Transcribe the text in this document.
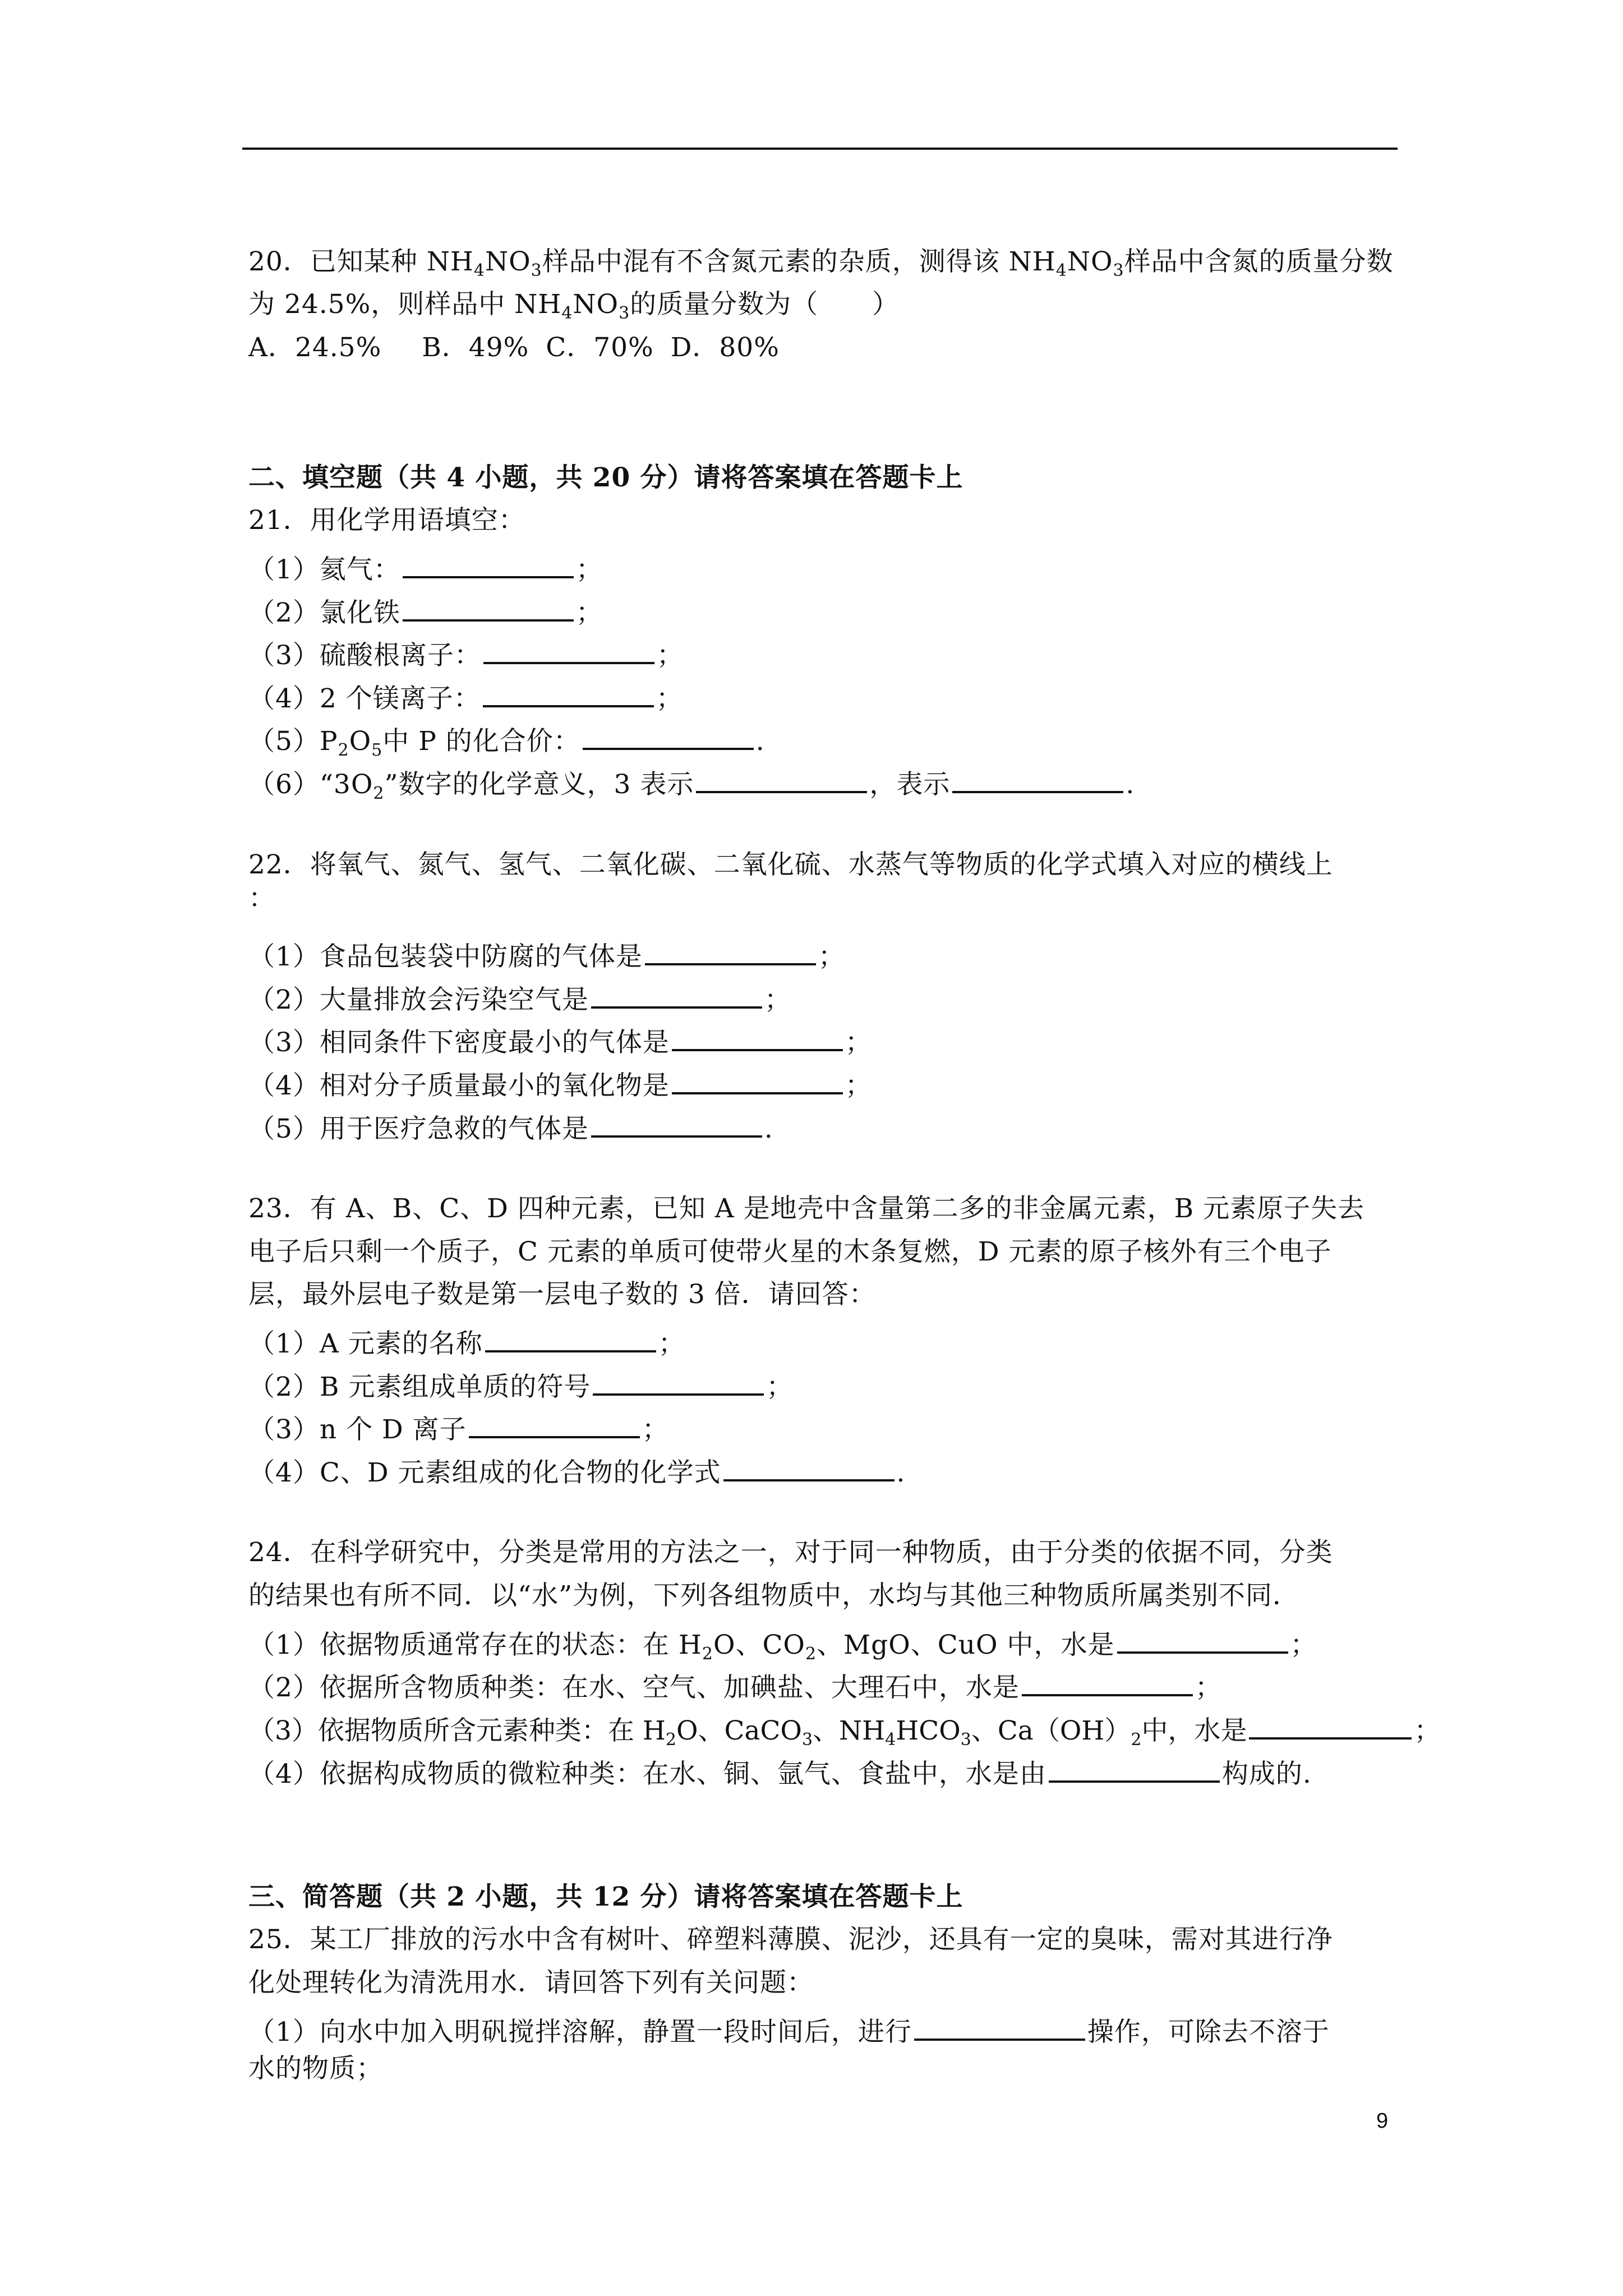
20．已知某种 $NH_4NO_3$样品中混有不含氮元素的杂质，测得该 $NH_4NO_3$样品中含氮的质量分数
为 24.5%，则样品中 $NH_4NO_3$的质量分数为（　　）
A．24.5% B．49% C．70% D．80%
二、填空题（共 4 小题，共 20 分）请将答案填在答题卡上
21．用化学用语填空：
（1）氦气：	；
（2）氯化铁	；
（3）硫酸根离子：	；
（4）2 个镁离子：	；
$(5)P_2O_5$中 P 的化合价：	.
$(6)“3O_2$”数字的化学意义，3 表示	，表示	.
22．将氧气、氮气、氢气、二氧化碳、二氧化硫、水蒸气等物质的化学式填入对应的横线上
：
（1）食品包装袋中防腐的气体是	；
（2）大量排放会污染空气是	；
（3）相同条件下密度最小的气体是	；
（4）相对分子质量最小的氧化物是	；
（5）用于医疗急救的气体是	.
23．有 A、B、C、D 四种元素，已知 A 是地壳中含量第二多的非金属元素，B 元素原子失去
电子后只剩一个质子，C 元素的单质可使带火星的木条复燃，D 元素的原子核外有三个电子
层，最外层电子数是第一层电子数的 3 倍．请回答：
（1）A 元素的名称	；
（2）B 元素组成单质的符号	；
（3）n 个 D 离子	；
（4）C、D 元素组成的化合物的化学式	.
24．在科学研究中，分类是常用的方法之一，对于同一种物质，由于分类的依据不同，分类
的结果也有所不同．以“水”为例，下列各组物质中，水均与其他三种物质所属类别不同．
（1）依据物质通常存在的状态：在 $H_2O$、$CO_2$、MgO、CuO 中，水是	；
（2）依据所含物质种类：在水、空气、加碘盐、大理石中，水是	；
（3）依据物质所含元素种类：在 $H_2O$、CaCO$_3$、$NH_4HCO_3$、$Ca(OH)_2$中，水是	；
（4）依据构成物质的微粒种类：在水、铜、氩气、食盐中，水是由	构成的.
三、简答题（共 2 小题，共 12 分）请将答案填在答题卡上
25．某工厂排放的污水中含有树叶、碎塑料薄膜、泥沙，还具有一定的臭味，需对其进行净
化处理转化为清洗用水．请回答下列有关问题：
（1）向水中加入明矾搅拌溶解，静置一段时间后，进行	操作，可除去不溶于
水的物质；
9
